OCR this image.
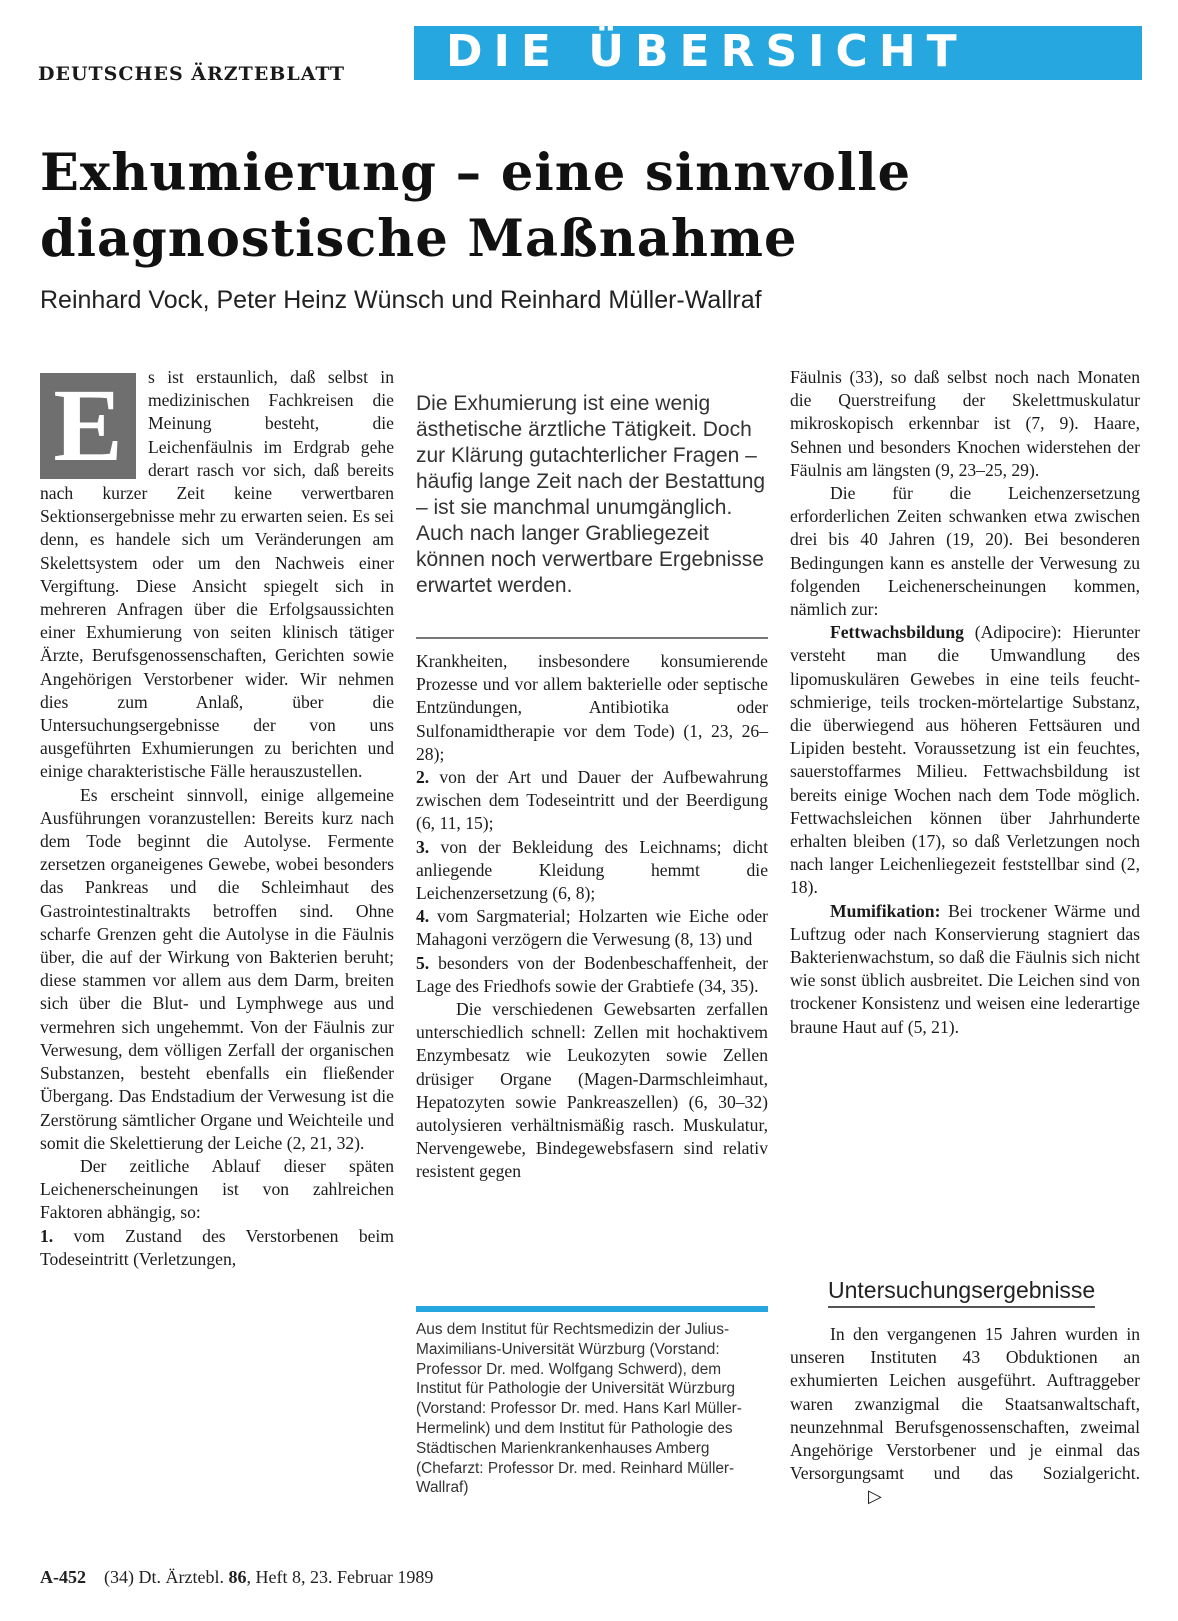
DEUTSCHES ÄRZTEBLATT DIE ÜBERSICHT
Exhumierung – eine sinnvolle
diagnostische Maßnahme
Reinhard Vock, Peter Heinz Wünsch und Reinhard Müller-Wallraf
E	s ist erstaunlich, daß selbst in medizinischen Fachkreisen die Meinung besteht, die Leichenfäulnis im Erdgrab gehe derart rasch vor sich, daß bereits nach kurzer Zeit keine verwertbaren Sektionsergebnisse mehr zu erwarten seien. Es sei denn, es handele sich um Veränderungen am Skelettsystem oder um den Nachweis einer Vergiftung. Diese Ansicht spiegelt sich in mehreren Anfragen über die Erfolgsaussichten einer Exhumierung von seiten klinisch tätiger Ärzte, Berufsgenossenschaften, Gerichten sowie Angehörigen Verstorbener wider. Wir nehmen dies zum Anlaß, über die Untersuchungsergebnisse der von uns ausgeführten Exhumierungen zu berichten und einige charakteristische Fälle herauszustellen.

Es erscheint sinnvoll, einige allgemeine Ausführungen voranzustellen: Bereits kurz nach dem Tode beginnt die Autolyse. Fermente zersetzen organeigenes Gewebe, wobei besonders das Pankreas und die Schleimhaut des Gastrointestinaltrakts betroffen sind. Ohne scharfe Grenzen geht die Autolyse in die Fäulnis über, die auf der Wirkung von Bakterien beruht; diese stammen vor allem aus dem Darm, breiten sich über die Blut- und Lymphwege aus und vermehren sich ungehemmt. Von der Fäulnis zur Verwesung, dem völligen Zerfall der organischen Substanzen, besteht ebenfalls ein fließender Übergang. Das Endstadium der Verwesung ist die Zerstörung sämtlicher Organe und Weichteile und somit die Skelettierung der Leiche (2, 21, 32).

Der zeitliche Ablauf dieser späten Leichenerscheinungen ist von zahlreichen Faktoren abhängig, so:

1. vom Zustand des Verstorbenen beim Todeseintritt (Verletzungen,

Die Exhumierung ist eine wenig ästhetische ärztliche Tätigkeit. Doch zur Klärung gutachterlicher Fragen – häufig lange Zeit nach der Bestattung – ist sie manchmal unumgänglich. Auch nach langer Grabliegezeit können noch verwertbare Ergebnisse erwartet werden.

Krankheiten, insbesondere konsumierende Prozesse und vor allem bakterielle oder septische Entzündungen, Antibiotika oder Sulfonamidtherapie vor dem Tode) (1, 23, 26–28);

2. von der Art und Dauer der Aufbewahrung zwischen dem Todeseintritt und der Beerdigung (6, 11, 15);

3. von der Bekleidung des Leichnams; dicht anliegende Kleidung hemmt die Leichenzersetzung (6, 8);

4. vom Sargmaterial; Holzarten wie Eiche oder Mahagoni verzögern die Verwesung (8, 13) und

5. besonders von der Bodenbeschaffenheit, der Lage des Friedhofs sowie der Grabtiefe (34, 35).

Die verschiedenen Gewebsarten zerfallen unterschiedlich schnell: Zellen mit hochaktivem Enzymbesatz wie Leukozyten sowie Zellen drüsiger Organe (Magen-Darmschleimhaut, Hepatozyten sowie Pankreaszellen) (6, 30–32) autolysieren verhältnismäßig rasch. Muskulatur, Nervengewebe, Bindegewebsfasern sind relativ resistent gegen

Aus dem Institut für Rechtsmedizin der Julius-Maximilians-Universität Würzburg (Vorstand: Professor Dr. med. Wolfgang Schwerd), dem Institut für Pathologie der Universität Würzburg (Vorstand: Professor Dr. med. Hans Karl Müller-Hermelink) und dem Institut für Pathologie des Städtischen Marienkrankenhauses Amberg (Chefarzt: Professor Dr. med. Reinhard Müller-Wallraf)

Fäulnis (33), so daß selbst noch nach Monaten die Querstreifung der Skelettmuskulatur mikroskopisch erkennbar ist (7, 9). Haare, Sehnen und besonders Knochen widerstehen der Fäulnis am längsten (9, 23–25, 29).

Die für die Leichenzersetzung erforderlichen Zeiten schwanken etwa zwischen drei bis 40 Jahren (19, 20). Bei besonderen Bedingungen kann es anstelle der Verwesung zu folgenden Leichenerscheinungen kommen, nämlich zur:

Fettwachsbildung (Adipocire): Hierunter versteht man die Umwandlung des lipomuskulären Gewebes in eine teils feucht-schmierige, teils trocken-mörtelartige Substanz, die überwiegend aus höheren Fettsäuren und Lipiden besteht. Voraussetzung ist ein feuchtes, sauerstoffarmes Milieu. Fettwachsbildung ist bereits einige Wochen nach dem Tode möglich. Fettwachsleichen können über Jahrhunderte erhalten bleiben (17), so daß Verletzungen noch nach langer Leichenliegezeit feststellbar sind (2, 18).

Mumifikation: Bei trockener Wärme und Luftzug oder nach Konservierung stagniert das Bakterienwachstum, so daß die Fäulnis sich nicht wie sonst üblich ausbreitet. Die Leichen sind von trockener Konsistenz und weisen eine lederartige braune Haut auf (5, 21).

Untersuchungsergebnisse

In den vergangenen 15 Jahren wurden in unseren Instituten 43 Obduktionen an exhumierten Leichen ausgeführt. Auftraggeber waren zwanzigmal die Staatsanwaltschaft, neunzehnmal Berufsgenossenschaften, zweimal Angehörige Verstorbener und je einmal das Versorgungsamt und das Sozialgericht.▷

A-452 (34) Dt. Ärztebl. 86, Heft 8, 23. Februar 1989
